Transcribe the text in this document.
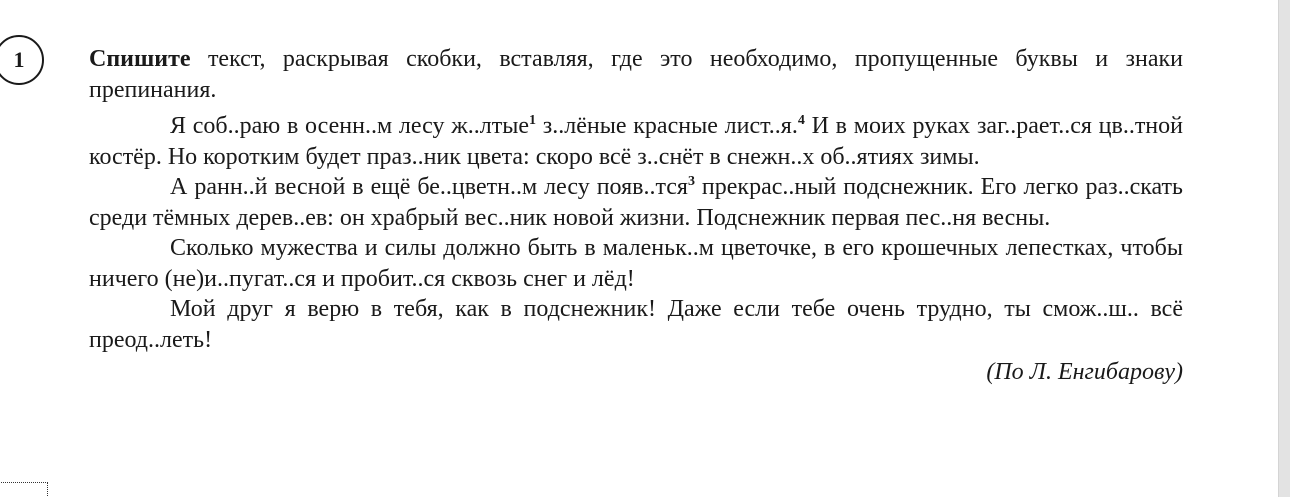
1	Спишите текст, раскрывая скобки, вставляя, где это необходимо, пропущенные буквы и знаки препинания.

Я соб..раю в осенн..м лесу ж..лтые$^1$ з..лёные красные лист..я.$^4$ И в моих руках заг..рает..ся цв..тной костёр. Но коротким будет праз..ник цвета: скоро всё з..снёт в снежн..х об..ятиях зимы.

А ранн..й весной в ещё бе..цветн..м лесу появ..тся$^3$ прекрас..ный подснежник. Его легко раз..скать среди тёмных дерев..ев: он храбрый вес..ник новой жизни. Подснежник первая пес..ня весны.

Сколько мужества и силы должно быть в маленьк..м цветочке, в его крошечных лепестках, чтобы ничего (не)и..пугат..ся и пробит..ся сквозь снег и лёд!

Мой друг я верю в тебя, как в подснежник! Даже если тебе очень трудно, ты смож..ш.. всё преод..леть!

(По Л. Енгибарову)
